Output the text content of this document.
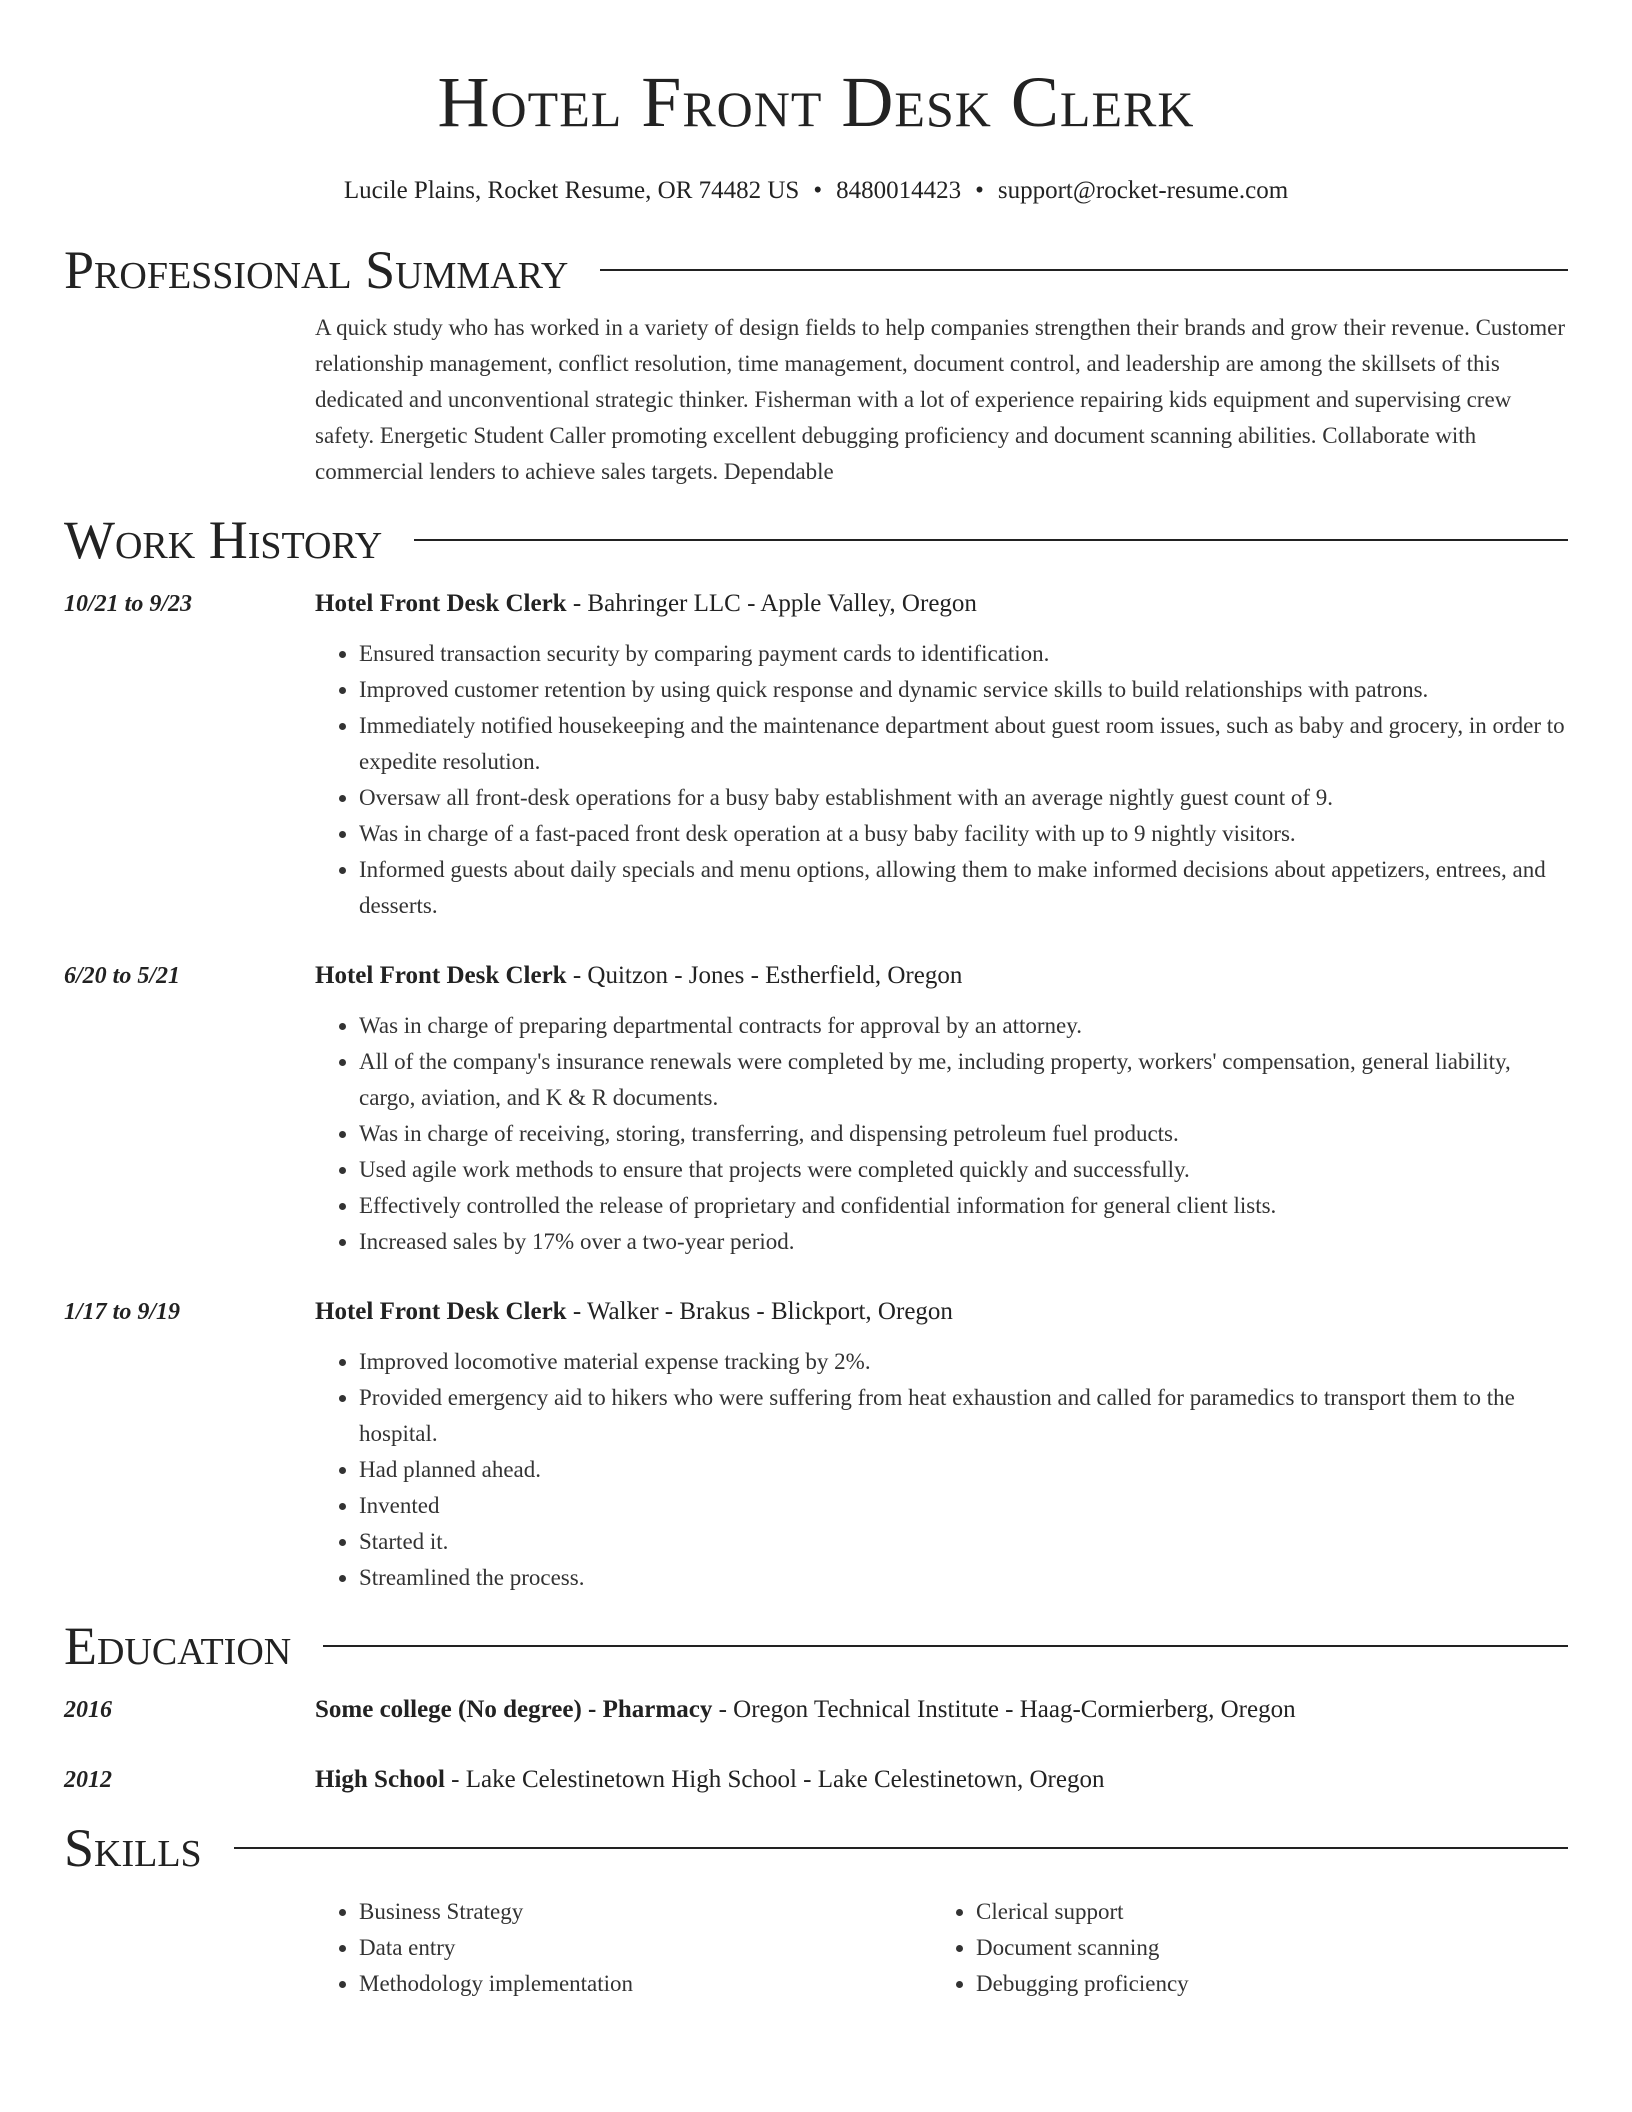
Hotel Front Desk Clerk
Lucile Plains, Rocket Resume, OR 74482 US • 8480014423 • support@rocket-resume.com
Professional Summary
A quick study who has worked in a variety of design fields to help companies strengthen their brands and grow their revenue. Customer relationship management, conflict resolution, time management, document control, and leadership are among the skillsets of this dedicated and unconventional strategic thinker. Fisherman with a lot of experience repairing kids equipment and supervising crew safety. Energetic Student Caller promoting excellent debugging proficiency and document scanning abilities. Collaborate with commercial lenders to achieve sales targets. Dependable
Work History
10/21 to 9/23	Hotel Front Desk Clerk - Bahringer LLC - Apple Valley, Oregon
• Ensured transaction security by comparing payment cards to identification.
• Improved customer retention by using quick response and dynamic service skills to build relationships with patrons.
• Immediately notified housekeeping and the maintenance department about guest room issues, such as baby and grocery, in order to expedite resolution.
• Oversaw all front-desk operations for a busy baby establishment with an average nightly guest count of 9.
• Was in charge of a fast-paced front desk operation at a busy baby facility with up to 9 nightly visitors.
• Informed guests about daily specials and menu options, allowing them to make informed decisions about appetizers, entrees, and desserts.
6/20 to 5/21	Hotel Front Desk Clerk - Quitzon - Jones - Estherfield, Oregon
• Was in charge of preparing departmental contracts for approval by an attorney.
• All of the company's insurance renewals were completed by me, including property, workers' compensation, general liability, cargo, aviation, and K & R documents.
• Was in charge of receiving, storing, transferring, and dispensing petroleum fuel products.
• Used agile work methods to ensure that projects were completed quickly and successfully.
• Effectively controlled the release of proprietary and confidential information for general client lists.
• Increased sales by 17% over a two-year period.
1/17 to 9/19	Hotel Front Desk Clerk - Walker - Brakus - Blickport, Oregon
• Improved locomotive material expense tracking by 2%.
• Provided emergency aid to hikers who were suffering from heat exhaustion and called for paramedics to transport them to the hospital.
• Had planned ahead.
• Invented
• Started it.
• Streamlined the process.
Education
2016	Some college (No degree) - Pharmacy - Oregon Technical Institute - Haag-Cormierberg, Oregon
2012	High School - Lake Celestinetown High School - Lake Celestinetown, Oregon
Skills
• Business Strategy
• Data entry
• Methodology implementation
• Clerical support
• Document scanning
• Debugging proficiency
